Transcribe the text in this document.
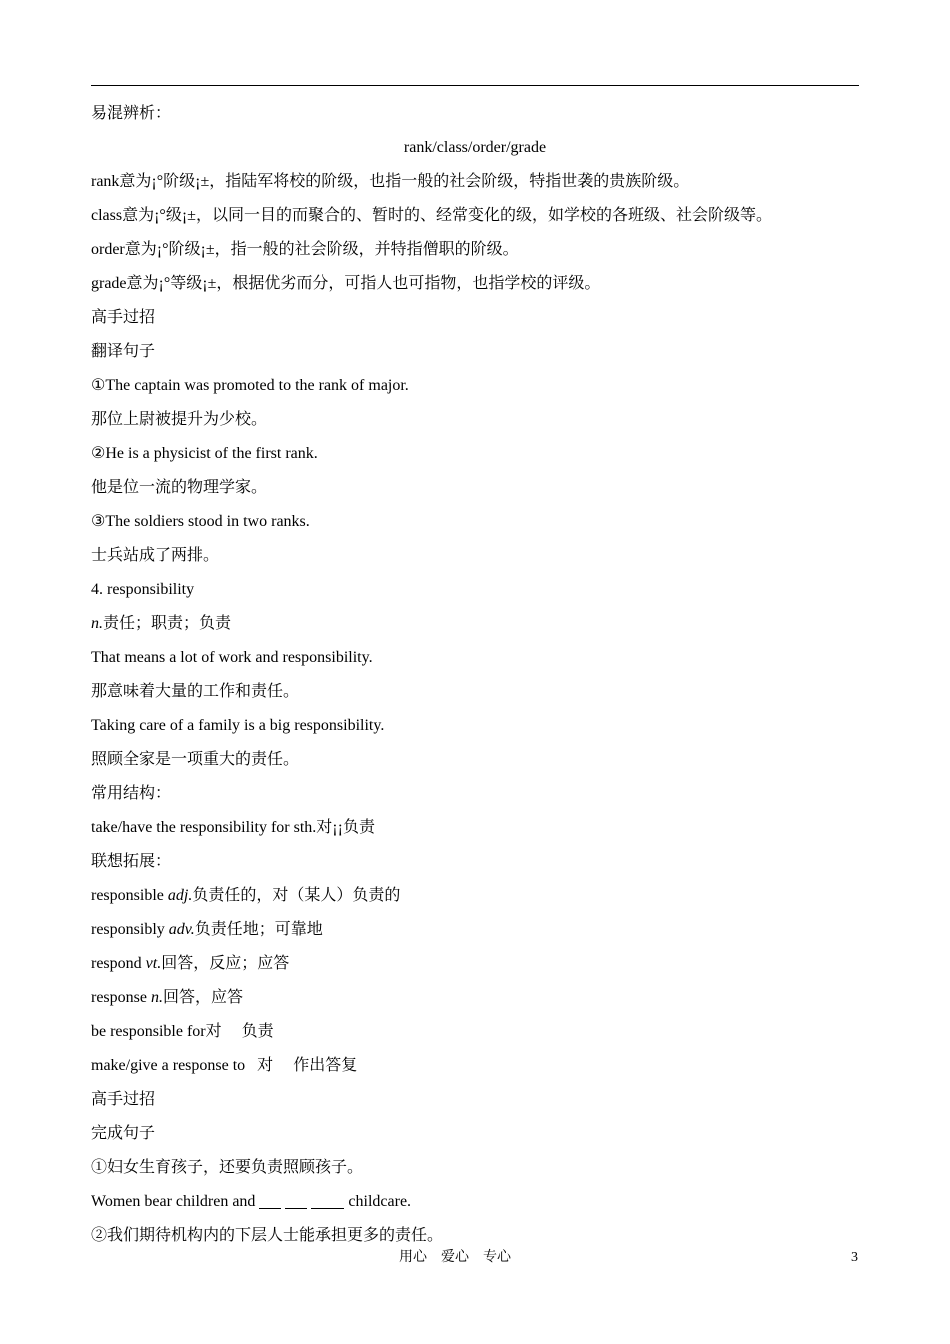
易混辨析：
rank/class/order/grade
rank意为¡°阶级¡±，指陆军将校的阶级，也指一般的社会阶级，特指世袭的贵族阶级。
class意为¡°级¡±，以同一目的而聚合的、暂时的、经常变化的级，如学校的各班级、社会阶级等。
order意为¡°阶级¡±，指一般的社会阶级，并特指僧职的阶级。
grade意为¡°等级¡±，根据优劣而分，可指人也可指物，也指学校的评级。
高手过招
翻译句子
①The captain was promoted to the rank of major.
那位上尉被提升为少校。
②He is a physicist of the first rank.
他是位一流的物理学家。
③The soldiers stood in two ranks.
士兵站成了两排。
4. responsibility
n.责任；职责；负责
That means a lot of work and responsibility.
那意味着大量的工作和责任。
Taking care of a family is a big responsibility.
照顾全家是一项重大的责任。
常用结构：
take/have the responsibility for sth.对¡¡负责
联想拓展：
responsible adj.负责任的，对（某人）负责的
responsibly adv.负责任地；可靠地
respond vt.回答，反应；应答
response n.回答，应答
be responsible for对 负责
make/give a response to   对 作出答复
高手过招
完成句子
①妇女生育孩子，还要负责照顾孩子。
Women bear children and	childcare.
②我们期待机构内的下层人士能承担更多的责任。
用心    爱心    专心	3
